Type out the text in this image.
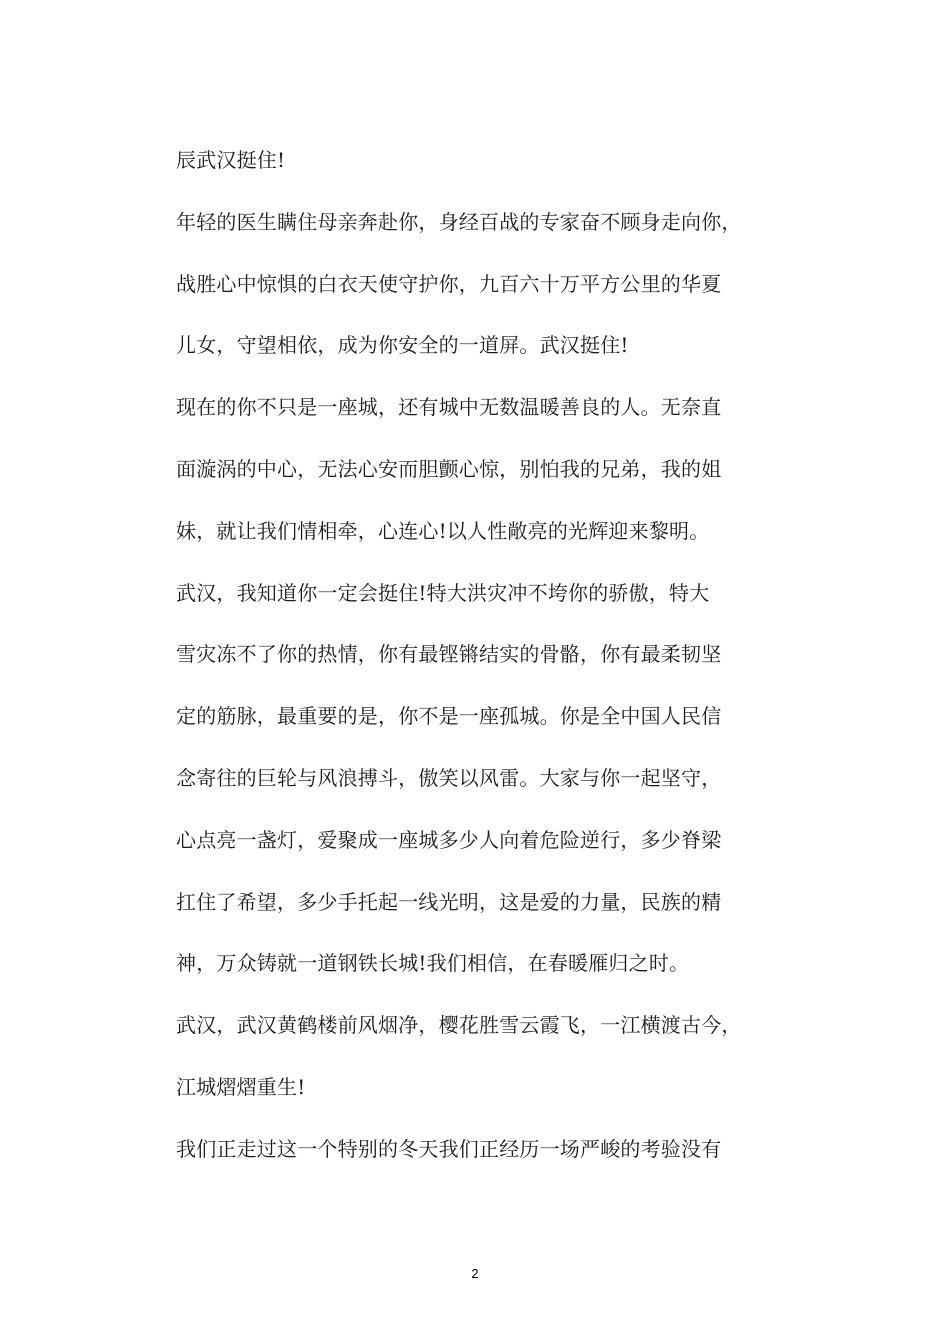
辰武汉挺住!
年轻的医生瞒住母亲奔赴你，身经百战的专家奋不顾身走向你，
战胜心中惊惧的白衣天使守护你，九百六十万平方公里的华夏
儿女，守望相依，成为你安全的一道屏。武汉挺住!
现在的你不只是一座城，还有城中无数温暖善良的人。无奈直
面漩涡的中心，无法心安而胆颤心惊，别怕我的兄弟，我的姐
妹，就让我们情相牵，心连心!以人性敞亮的光辉迎来黎明。
武汉，我知道你一定会挺住!特大洪灾冲不垮你的骄傲，特大
雪灾冻不了你的热情，你有最铿锵结实的骨骼，你有最柔韧坚
定的筋脉，最重要的是，你不是一座孤城。你是全中国人民信
念寄往的巨轮与风浪搏斗，傲笑以风雷。大家与你一起坚守，
心点亮一盏灯，爱聚成一座城多少人向着危险逆行，多少脊梁
扛住了希望，多少手托起一线光明，这是爱的力量，民族的精
神，万众铸就一道钢铁长城!我们相信，在春暖雁归之时。
武汉，武汉黄鹤楼前风烟净，樱花胜雪云霞飞，一江横渡古今，
江城熠熠重生!
我们正走过这一个特别的冬天我们正经历一场严峻的考验没有
2
